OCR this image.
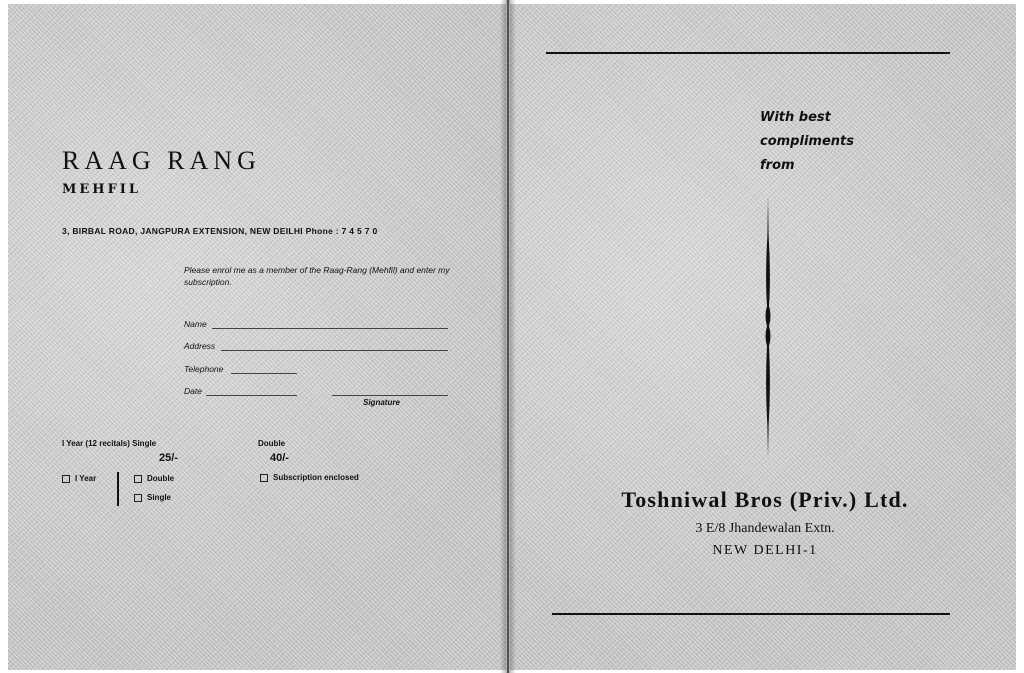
RAAG RANG
MEHFIL
3, BIRBAL ROAD, JANGPURA EXTENSION, NEW DEILHI Phone : 74570
Please enrol me as a member of the Raag-Rang (Mehfil) and enter my subscription.
Name
Address
Telephone
Date
Signature
I Year (12 recitals) Single
25/-
Double
40/-
I Year	Double
Single
Subscription enclosed
With best
compliments
from
Toshniwal Bros (Priv.) Ltd.
3 E/8 Jhandewalan Extn.
NEW DELHI-1
